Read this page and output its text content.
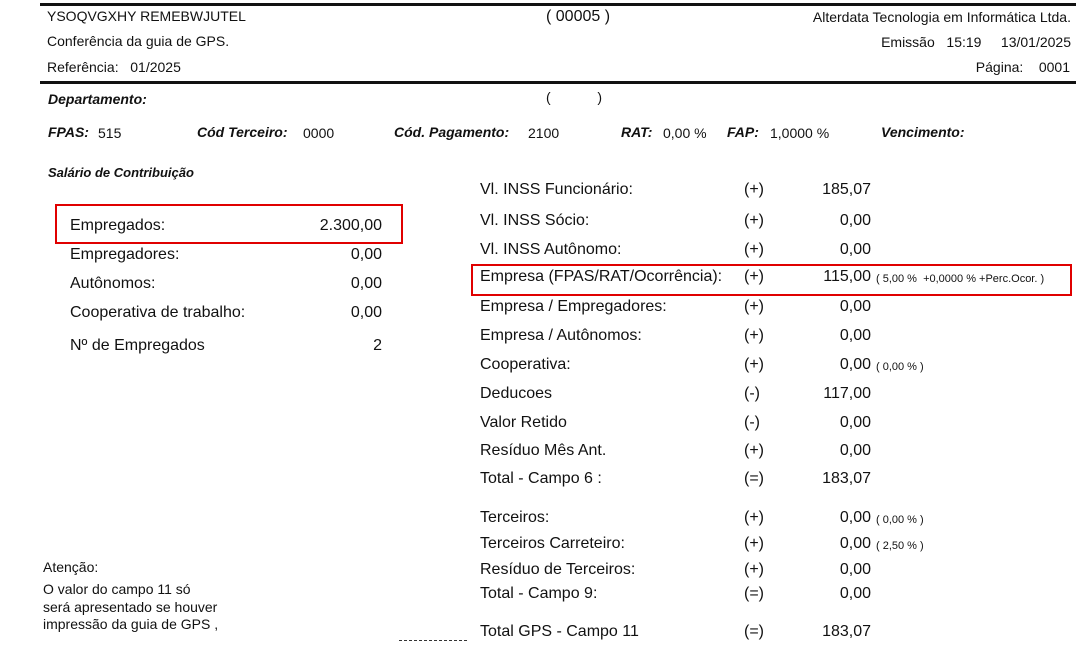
YSOQVGXHY REMEBWJUTEL	( 00005 )	Alterdata Tecnologia em Informática Ltda.
Conferência da guia de GPS.	Emissão 15:19 13/01/2025
Referência: 01/2025	Página: 0001
Departamento:	(            )
FPAS: 515	Cód Terceiro: 0000	Cód. Pagamento: 2100	RAT: 0,00 % FAP: 1,0000 %	Vencimento:
Salário de Contribuição
Empregados:	2.300,00
Empregadores:	0,00
Autônomos:	0,00
Cooperativa de trabalho:	0,00
Nº de Empregados	2
Vl. INSS Funcionário:	(+)	185,07
Vl. INSS Sócio:	(+)	0,00
Vl. INSS Autônomo:	(+)	0,00
Empresa (FPAS/RAT/Ocorrência): (+)	115,00 ( 5,00 %  +0,0000 % +Perc.Ocor. )
Empresa / Empregadores:	(+)	0,00
Empresa / Autônomos:	(+)	0,00
Cooperativa:	(+)	0,00 ( 0,00 % )
Deducoes	(-)	117,00
Valor Retido	(-)	0,00
Resíduo Mês Ant.	(+)	0,00
Total - Campo 6 :	(=)	183,07
Terceiros:	(+)	0,00 ( 0,00 % )
Terceiros Carreteiro:	(+)	0,00 ( 2,50 % )
Resíduo de Terceiros:	(+)	0,00
Total - Campo 9:	(=)	0,00
Total GPS - Campo 11	(=)	183,07
Atenção:
O valor do campo 11 só
será apresentado se houver
impressão da guia de GPS ,
